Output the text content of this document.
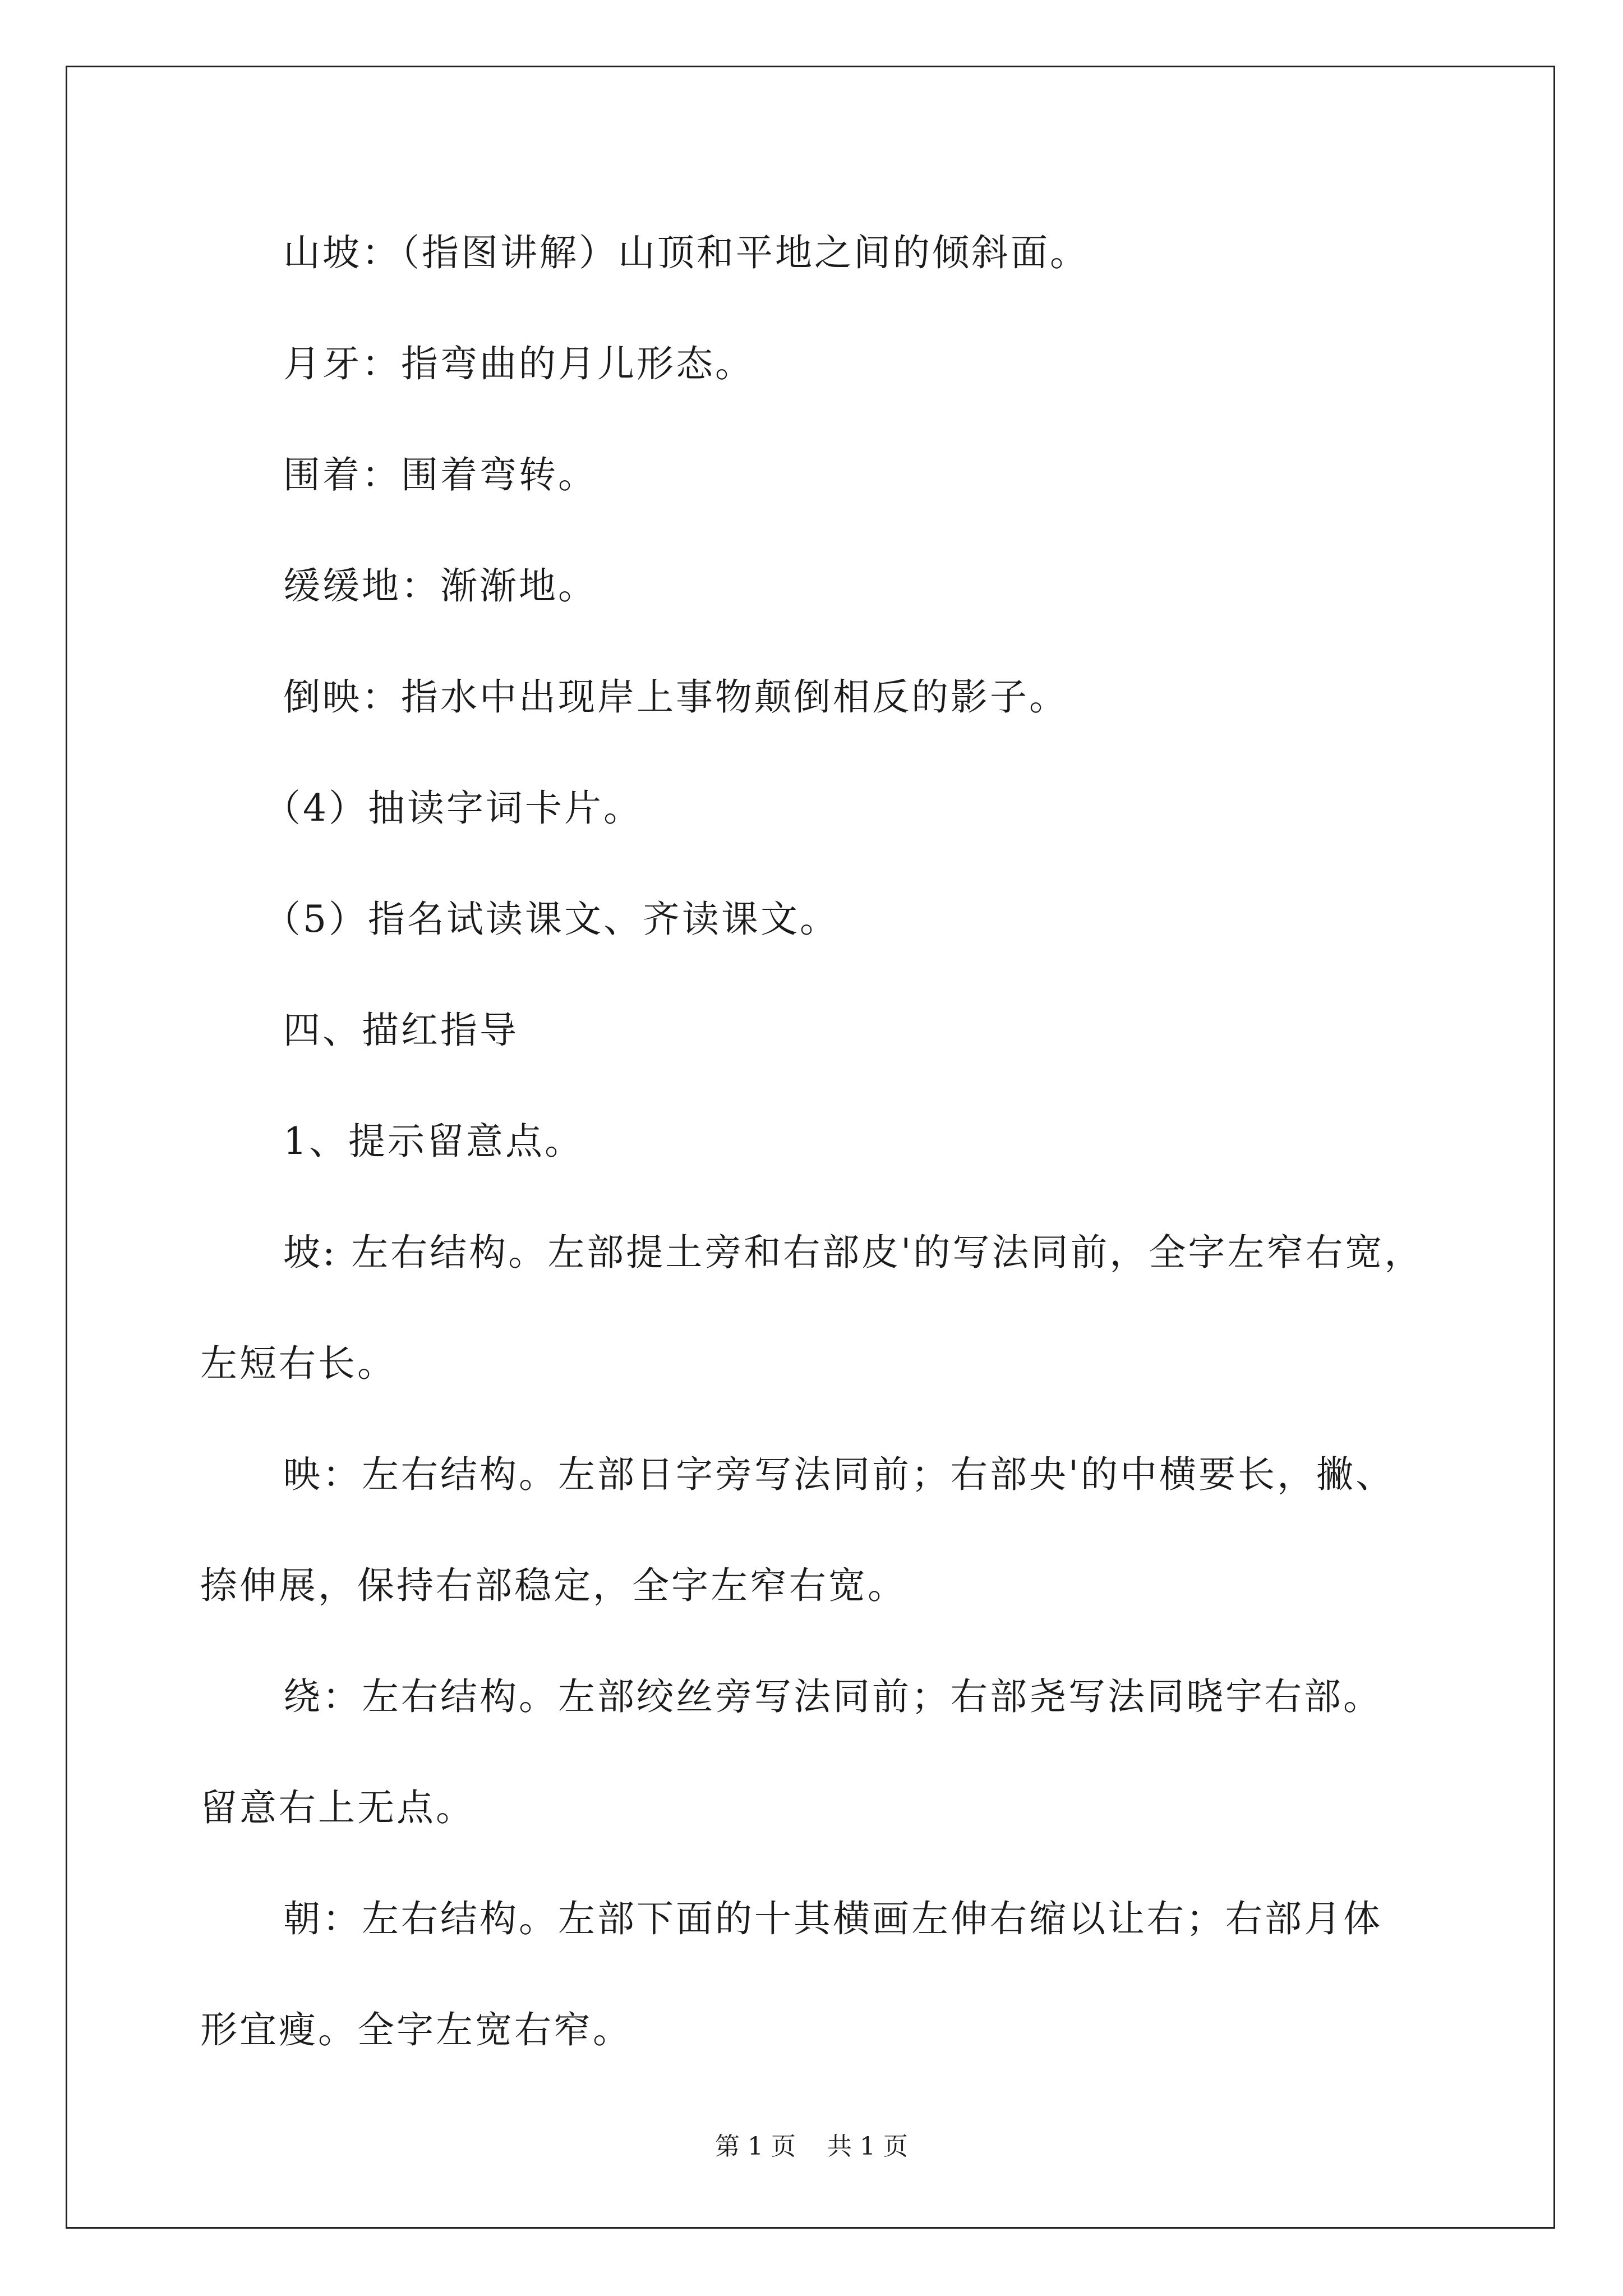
山坡：（指图讲解）山顶和平地之间的倾斜面。
月牙：指弯曲的月儿形态。
围着：围着弯转。
缓缓地：渐渐地。
倒映：指水中出现岸上事物颠倒相反的影子。
（4）抽读字词卡片。
（5）指名试读课文、齐读课文。
四、描红指导
1、提示留意点。
坡: 左右结构。左部提土旁和右部皮'的写法同前，全字左窄右宽，
左短右长。
映：左右结构。左部日字旁写法同前；右部央'的中横要长，撇、
捺伸展，保持右部稳定，全字左窄右宽。
绕：左右结构。左部绞丝旁写法同前；右部尧写法同晓宇右部。
留意右上无点。
朝：左右结构。左部下面的十其横画左伸右缩以让右；右部月体
形宜瘦。全字左宽右窄。
第 1 页    共 1 页
